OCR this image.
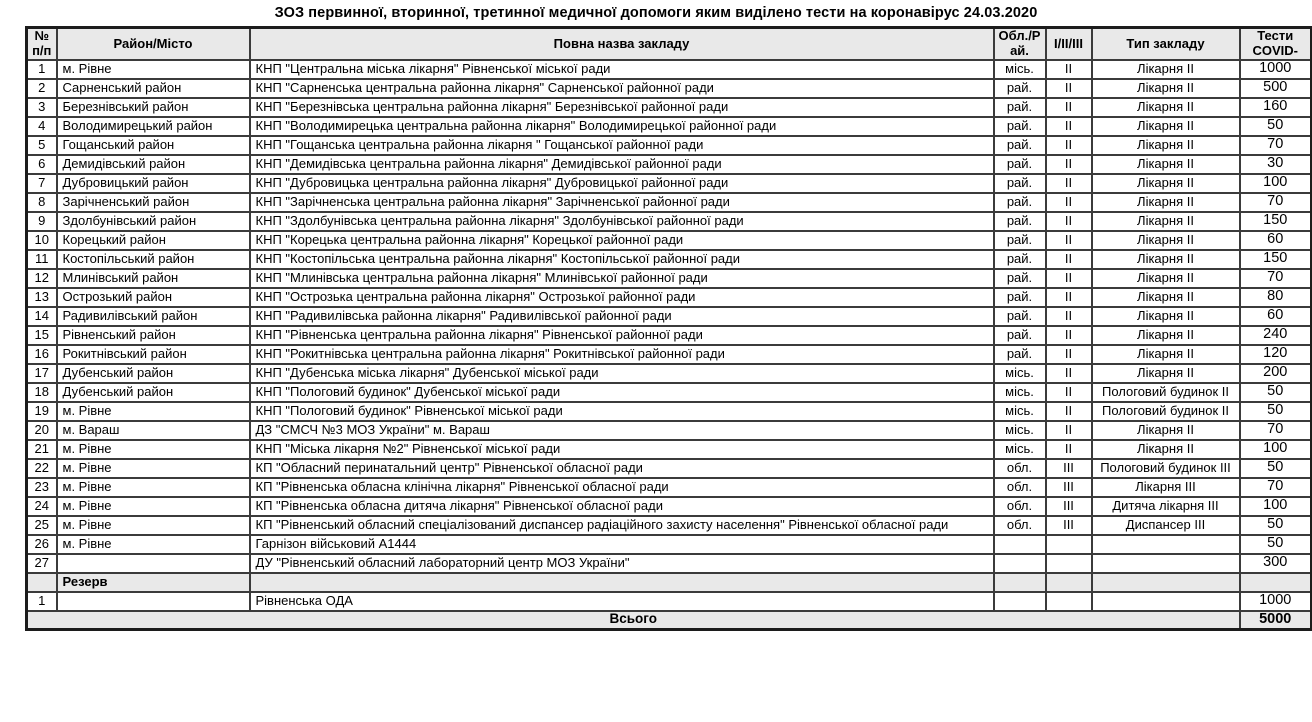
ЗОЗ первинної, вторинної, третинної медичної допомоги яким виділено тести на коронавірус 24.03.2020
№ п/п	Район/Місто	Повна назва закладу	Обл./Рай.	I/II/III	Тип закладу	Тести COVID-
1	м. Рівне	КНП "Центральна міська лікарня" Рівненської міської ради	місь.	II	Лікарня II	1000
2	Сарненський район	КНП "Сарненська центральна районна лікарня" Сарненської районної ради	рай.	II	Лікарня II	500
3	Березнівський район	КНП "Березнівська центральна районна лікарня" Березнівської районної ради	рай.	II	Лікарня II	160
4	Володимирецький район	КНП "Володимирецька центральна районна лікарня" Володимирецької районної ради	рай.	II	Лікарня II	50
5	Гощанський район	КНП "Гощанська центральна районна лікарня " Гощанської районної ради	рай.	II	Лікарня II	70
6	Демидівський район	КНП "Демидівська центральна районна лікарня" Демидівської районної ради	рай.	II	Лікарня II	30
7	Дубровицький район	КНП "Дубровицька центральна районна лікарня" Дубровицької районної ради	рай.	II	Лікарня II	100
8	Зарічненський район	КНП "Зарічненська центральна районна лікарня" Зарічненської районної ради	рай.	II	Лікарня II	70
9	Здолбунівський район	КНП "Здолбунівська центральна районна лікарня" Здолбунівської районної ради	рай.	II	Лікарня II	150
10	Корецький район	КНП "Корецька центральна районна лікарня" Корецької районної ради	рай.	II	Лікарня II	60
11	Костопільський район	КНП "Костопільська центральна районна лікарня" Костопільської районної ради	рай.	II	Лікарня II	150
12	Млинівський район	КНП "Млинівська центральна районна лікарня" Млинівської районної ради	рай.	II	Лікарня II	70
13	Острозький район	КНП "Острозька центральна районна лікарня" Острозької районної ради	рай.	II	Лікарня II	80
14	Радивилівський район	КНП "Радивилівська районна лікарня" Радивилівської районної ради	рай.	II	Лікарня II	60
15	Рівненський район	КНП "Рівненська центральна районна лікарня" Рівненської районної ради	рай.	II	Лікарня II	240
16	Рокитнівський район	КНП "Рокитнівська центральна районна лікарня" Рокитнівської районної ради	рай.	II	Лікарня II	120
17	Дубенський район	КНП "Дубенська міська лікарня" Дубенської міської ради	місь.	II	Лікарня II	200
18	Дубенський район	КНП "Пологовий будинок" Дубенської міської ради	місь.	II	Пологовий будинок II	50
19	м. Рівне	КНП "Пологовий будинок" Рівненської міської ради	місь.	II	Пологовий будинок II	50
20	м. Вараш	ДЗ "СМСЧ №3 МОЗ України" м. Вараш	місь.	II	Лікарня II	70
21	м. Рівне	КНП "Міська лікарня №2" Рівненської міської ради	місь.	II	Лікарня II	100
22	м. Рівне	КП "Обласний перинатальний центр" Рівненської обласної ради	обл.	III	Пологовий будинок III	50
23	м. Рівне	КП "Рівненська обласна клінічна лікарня" Рівненської обласної ради	обл.	III	Лікарня III	70
24	м. Рівне	КП "Рівненська обласна дитяча лікарня" Рівненської обласної ради	обл.	III	Дитяча лікарня III	100
25	м. Рівне	КП "Рівненський обласний спеціалізований диспансер радіаційного захисту населення" Рівненської обласної ради	обл.	III	Диспансер III	50
26	м. Рівне	Гарнізон військовий А1444				50
27		ДУ "Рівненський обласний лабораторний центр МОЗ України"				300
	Резерв					
1		Рівненська ОДА				1000
Всього						5000
